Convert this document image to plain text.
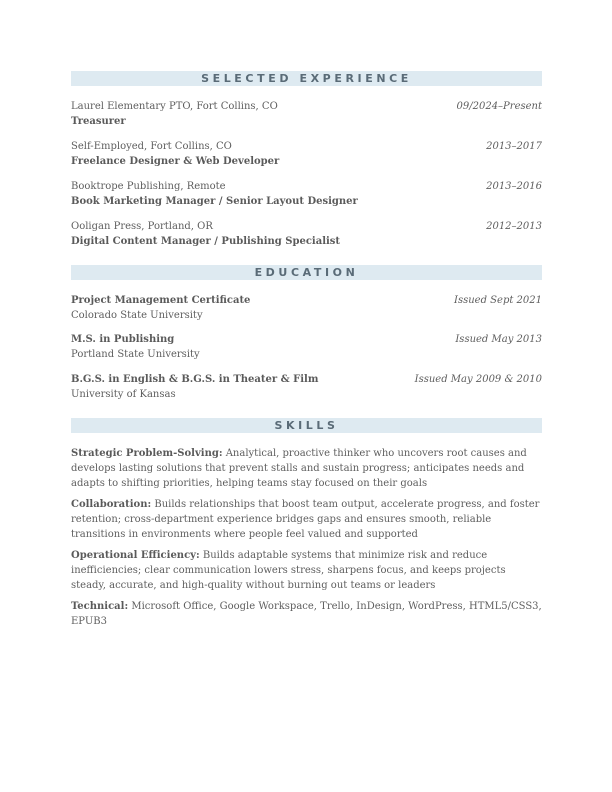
SELECTED EXPERIENCE
Laurel Elementary PTO, Fort Collins, CO	09/2024–Present
Treasurer
Self-Employed, Fort Collins, CO	2013–2017
Freelance Designer & Web Developer
Booktrope Publishing, Remote	2013–2016
Book Marketing Manager / Senior Layout Designer
Ooligan Press, Portland, OR	2012–2013
Digital Content Manager / Publishing Specialist
EDUCATION
Project Management Certificate	Issued Sept 2021
Colorado State University
M.S. in Publishing	Issued May 2013
Portland State University
B.G.S. in English & B.G.S. in Theater & Film	Issued May 2009 & 2010
University of Kansas
SKILLS

Strategic Problem-Solving: Analytical, proactive thinker who uncovers root causes and develops lasting solutions that prevent stalls and sustain progress; anticipates needs and adapts to shifting priorities, helping teams stay focused on their goals

Collaboration: Builds relationships that boost team output, accelerate progress, and foster retention; cross-department experience bridges gaps and ensures smooth, reliable transitions in environments where people feel valued and supported

Operational Efficiency: Builds adaptable systems that minimize risk and reduce inefficiencies; clear communication lowers stress, sharpens focus, and keeps projects steady, accurate, and high-quality without burning out teams or leaders

Technical: Microsoft Office, Google Workspace, Trello, InDesign, WordPress, HTML5/CSS3, EPUB3
